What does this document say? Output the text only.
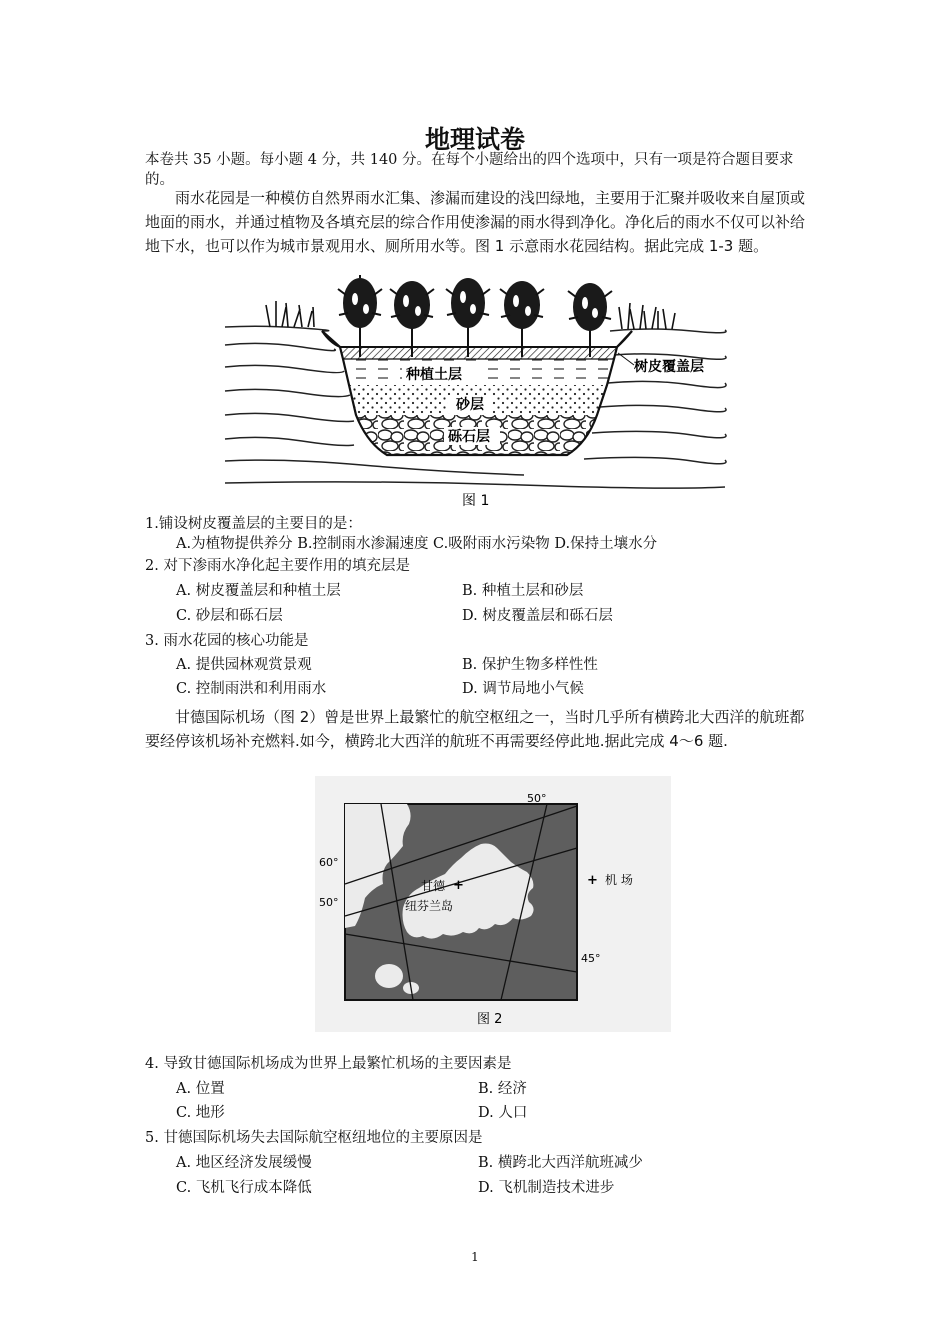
地理试卷
本卷共 35 小题。每小题 4 分，共 140 分。在每个小题给出的四个选项中，只有一项是符合题目要求的。
雨水花园是一种模仿自然界雨水汇集、渗漏而建设的浅凹绿地，主要用于汇聚并吸收来自屋顶或地面的雨水，并通过植物及各填充层的综合作用使渗漏的雨水得到净化。净化后的雨水不仅可以补给地下水，也可以作为城市景观用水、厕所用水等。图 1 示意雨水花园结构。据此完成 1-3 题。
树皮覆盖层
种植土层
砂层
砾石层
图 1
1.铺设树皮覆盖层的主要目的是：
A.为植物提供养分 B.控制雨水渗漏速度 C.吸附雨水污染物 D.保持土壤水分
2. 对下渗雨水净化起主要作用的填充层是
A. 树皮覆盖层和种植土层	B. 种植土层和砂层
C. 砂层和砾石层	D. 树皮覆盖层和砾石层
3. 雨水花园的核心功能是
A. 提供园林观赏景观	B. 保护生物多样性性
C. 控制雨洪和利用雨水	D. 调节局地小气候
甘德国际机场（图 2）曾是世界上最繁忙的航空枢纽之一，当时几乎所有横跨北大西洋的航班都要经停该机场补充燃料.如今，横跨北大西洋的航班不再需要经停此地.据此完成 4～6 题.
50°
60°
50°
45°
甘德 +
纽芬兰岛
+ 机 场
图 2
4. 导致甘德国际机场成为世界上最繁忙机场的主要因素是
A. 位置	B. 经济
C. 地形	D. 人口
5. 甘德国际机场失去国际航空枢纽地位的主要原因是
A. 地区经济发展缓慢	B. 横跨北大西洋航班减少
C. 飞机飞行成本降低	D. 飞机制造技术进步
1
